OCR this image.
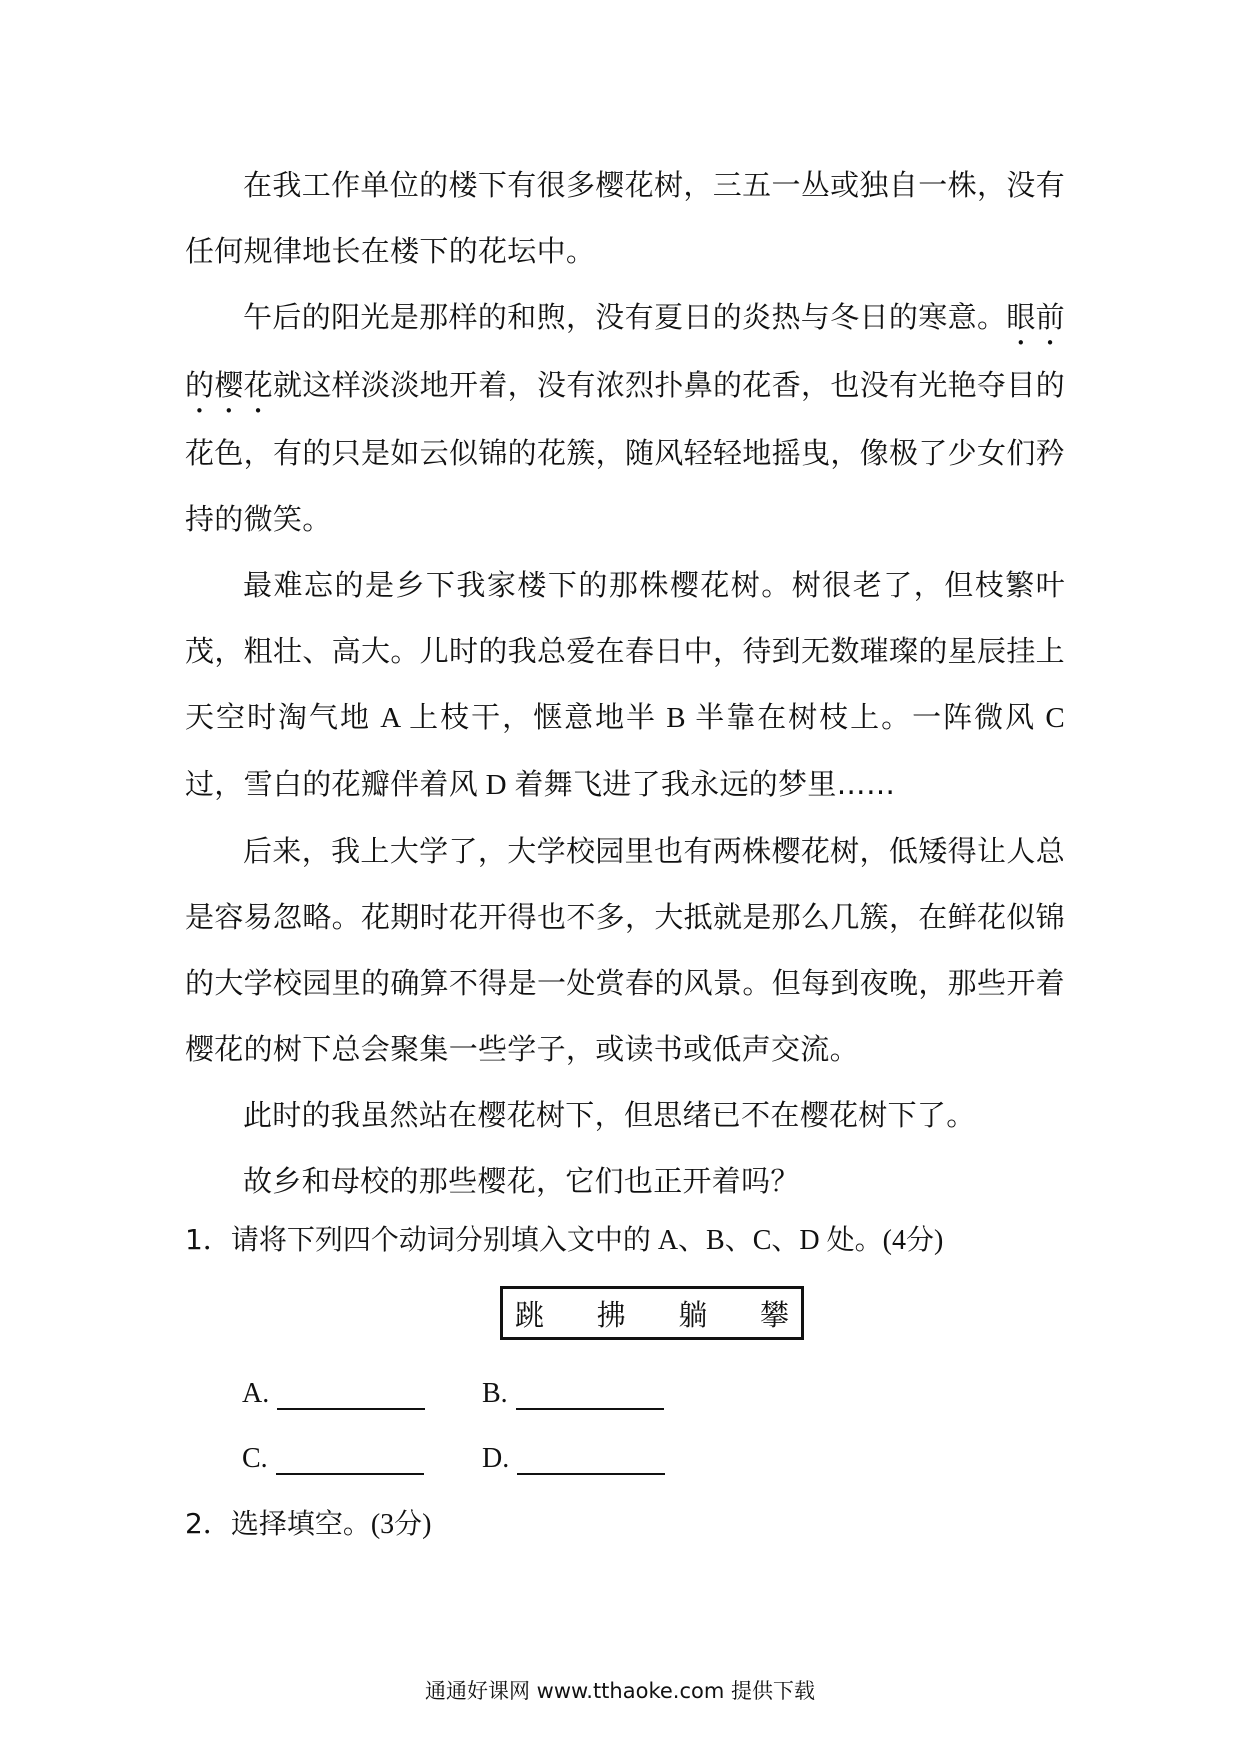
在我工作单位的楼下有很多樱花树，三五一丛或独自一株，没有任何规律地长在楼下的花坛中。

午后的阳光是那样的和煦，没有夏日的炎热与冬日的寒意。眼前的樱花就这样淡淡地开着，没有浓烈扑鼻的花香，也没有光艳夺目的花色，有的只是如云似锦的花簇，随风轻轻地摇曳，像极了少女们矜持的微笑。

最难忘的是乡下我家楼下的那株樱花树。树很老了，但枝繁叶茂，粗壮、高大。儿时的我总爱在春日中，待到无数璀璨的星辰挂上天空时淘气地 A 上枝干，惬意地半 B 半靠在树枝上。一阵微风 C 过，雪白的花瓣伴着风 D 着舞飞进了我永远的梦里……

后来，我上大学了，大学校园里也有两株樱花树，低矮得让人总是容易忽略。花期时花开得也不多，大抵就是那么几簇，在鲜花似锦的大学校园里的确算不得是一处赏春的风景。但每到夜晚，那些开着樱花的树下总会聚集一些学子，或读书或低声交流。

此时的我虽然站在樱花树下，但思绪已不在樱花树下了。

故乡和母校的那些樱花，它们也正开着吗？

1．请将下列四个动词分别填入文中的 A、B、C、D 处。(4分)
跳 拂 躺 攀
A.	B.
C.	D.
2．选择填空。(3分)
通通好课网 www.tthaoke.com 提供下载
